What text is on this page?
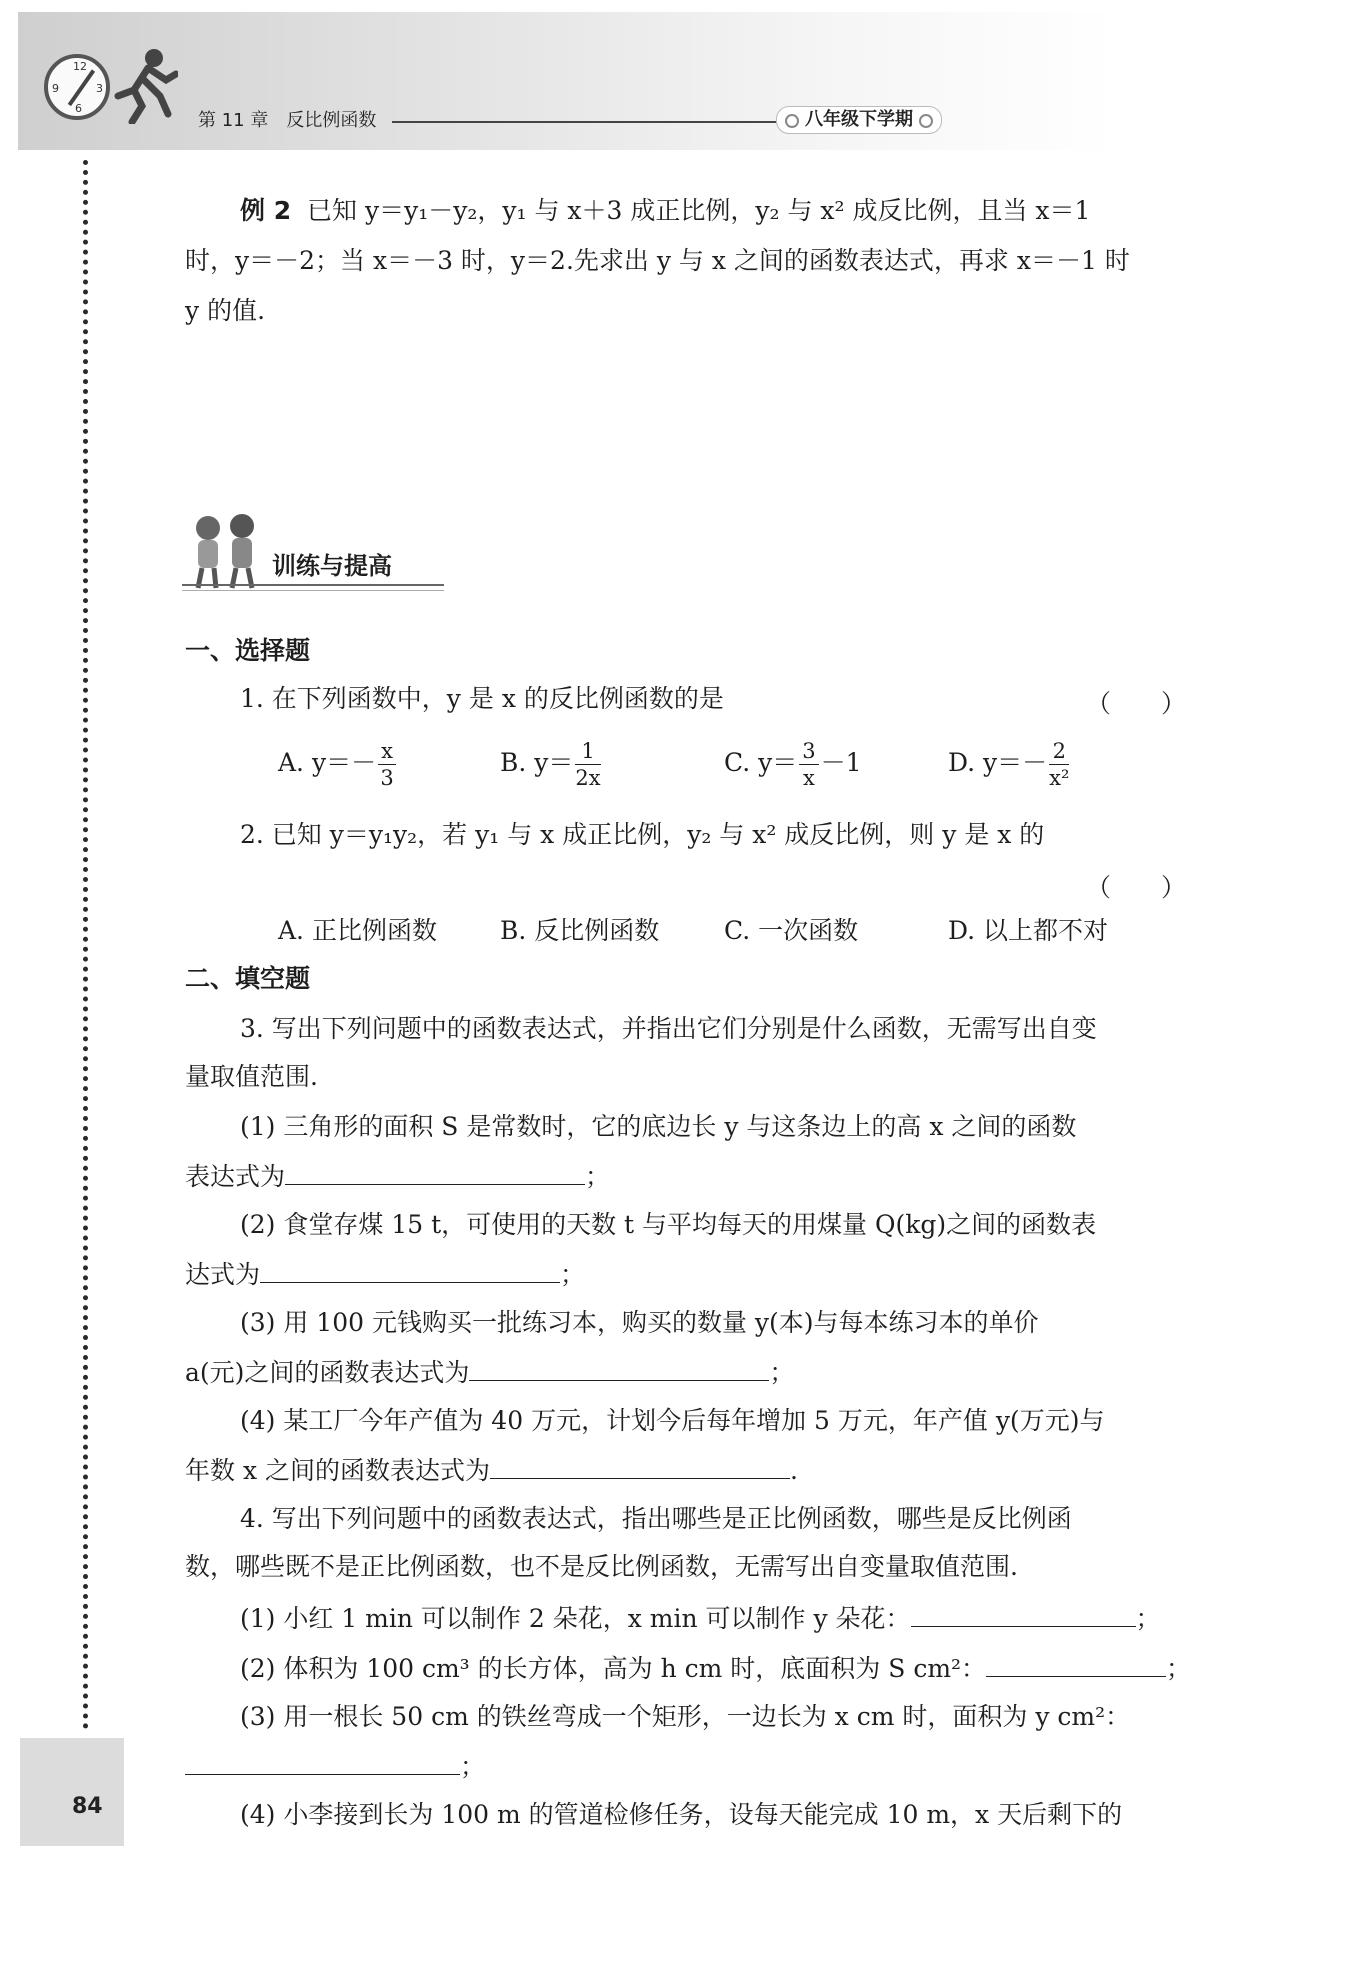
12
3
6
9
第 11 章　反比例函数	八年级下学期
例 2 已知 y＝y₁－y₂，y₁ 与 x＋3 成正比例，y₂ 与 x² 成反比例，且当 x＝1
时，y＝－2；当 x＝－3 时，y＝2.先求出 y 与 x 之间的函数表达式，再求 x＝－1 时
y 的值.
训练与提高
一、选择题
1. 在下列函数中，y 是 x 的反比例函数的是	（　　）
A. $y=- \frac{x}{3}$	B. $y= \frac{1}{2x}$	C. $y= \frac{3}{x} -1$	D. $y=- \frac{2}{\text{x²}}$
2. 已知 y＝y₁y₂，若 y₁ 与 x 成正比例，y₂ 与 x² 成反比例，则 y 是 x 的
（　　）
A. 正比例函数	B. 反比例函数	C. 一次函数	D. 以上都不对
二、填空题
3. 写出下列问题中的函数表达式，并指出它们分别是什么函数，无需写出自变
量取值范围.
(1) 三角形的面积 S 是常数时，它的底边长 y 与这条边上的高 x 之间的函数
表达式为	；
(2) 食堂存煤 15 t，可使用的天数 t 与平均每天的用煤量 Q(kg)之间的函数表
达式为	；
(3) 用 100 元钱购买一批练习本，购买的数量 y(本)与每本练习本的单价
a(元)之间的函数表达式为	；
(4) 某工厂今年产值为 40 万元，计划今后每年增加 5 万元，年产值 y(万元)与
年数 x 之间的函数表达式为	.
4. 写出下列问题中的函数表达式，指出哪些是正比例函数，哪些是反比例函
数，哪些既不是正比例函数，也不是反比例函数，无需写出自变量取值范围.
(1) 小红 1 min 可以制作 2 朵花，x min 可以制作 y 朵花：	；
(2) 体积为 100 cm³ 的长方体，高为 h cm 时，底面积为 S cm²：	；
(3) 用一根长 50 cm 的铁丝弯成一个矩形，一边长为 x cm 时，面积为 y cm²：
；
(4) 小李接到长为 100 m 的管道检修任务，设每天能完成 10 m，x 天后剩下的
84
